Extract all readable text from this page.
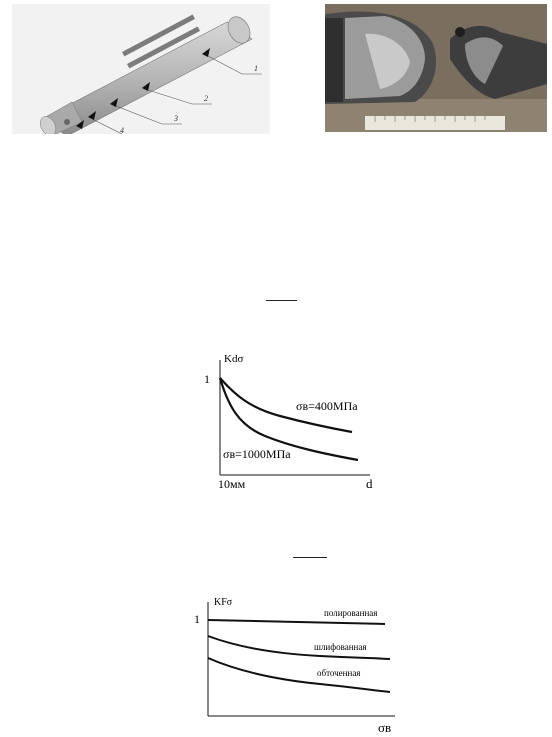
1
2
3
4
Kdσ
1
10мм	d
σв=400МПа
σв=1000МПа
KFσ
1
σв
полированная
шлифованная
обточенная
